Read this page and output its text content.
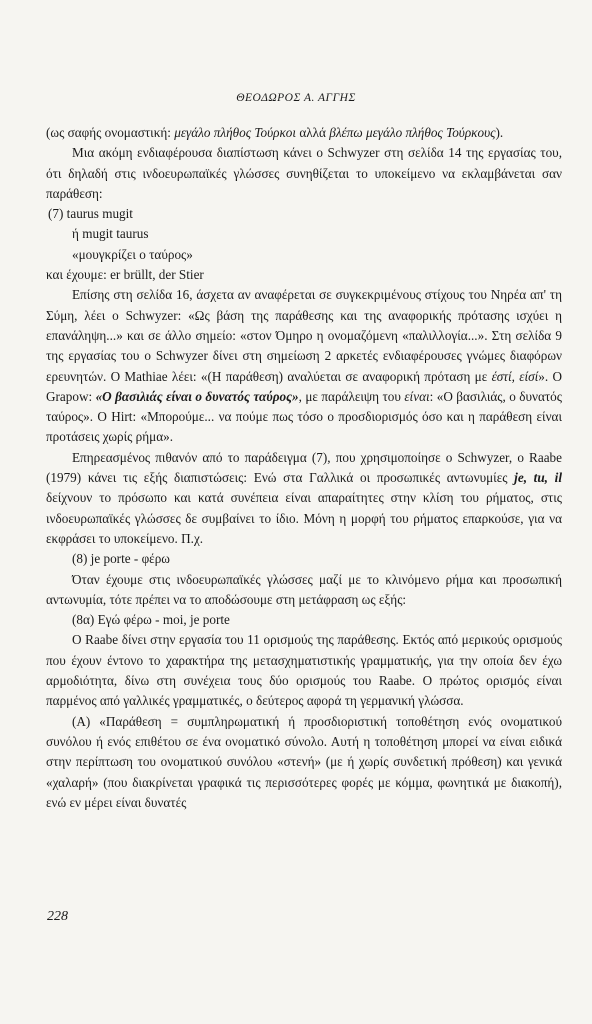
ΘΕΟΔΩΡΟΣ Α. ΑΓΓΗΣ

(ως σαφής ονομαστική: μεγάλο πλήθος Τούρκοι αλλά βλέπω μεγάλο πλήθος Τούρκους).

Μια ακόμη ενδιαφέρουσα διαπίστωση κάνει ο Schwyzer στη σελίδα 14 της εργασίας του, ότι δηλαδή στις ινδοευρωπαϊκές γλώσσες συνηθίζεται το υποκείμενο να εκλαμβάνεται σαν παράθεση:

(7) taurus mugit

ή mugit taurus

«μουγκρίζει ο ταύρος»

και έχουμε: er brüllt, der Stier

Επίσης στη σελίδα 16, άσχετα αν αναφέρεται σε συγκεκριμένους στίχους του Νηρέα απ' τη Σύμη, λέει ο Schwyzer: «Ως βάση της παράθεσης και της αναφορικής πρότασης ισχύει η επανάληψη...» και σε άλλο σημείο: «στον Όμηρο η ονομαζόμενη «παλιλλογία...». Στη σελίδα 9 της εργασίας του ο Schwyzer δίνει στη σημείωση 2 αρκετές ενδιαφέρουσες γνώμες διαφόρων ερευνητών. Ο Mathiae λέει: «(Η παράθεση) αναλύεται σε αναφορική πρόταση με έστί, είσί». Ο Grapow: «Ο βασιλιάς είναι ο δυνατός ταύρος», με παράλειψη του είναι: «Ο βασιλιάς, ο δυνατός ταύρος». Ο Hirt: «Μπορούμε... να πούμε πως τόσο ο προσδιορισμός όσο και η παράθεση είναι προτάσεις χωρίς ρήμα».

Επηρεασμένος πιθανόν από το παράδειγμα (7), που χρησιμοποίησε ο Schwyzer, ο Raabe (1979) κάνει τις εξής διαπιστώσεις: Ενώ στα Γαλλικά οι προσωπικές αντωνυμίες je, tu, il δείχνουν το πρόσωπο και κατά συνέπεια είναι απαραίτητες στην κλίση του ρήματος, στις ινδοευρωπαϊκές γλώσσες δε συμβαίνει το ίδιο. Μόνη η μορφή του ρήματος επαρκούσε, για να εκφράσει το υποκείμενο. Π.χ.

(8) je porte - φέρω

Όταν έχουμε στις ινδοευρωπαϊκές γλώσσες μαζί με το κλινόμενο ρήμα και προσωπική αντωνυμία, τότε πρέπει να το αποδώσουμε στη μετάφραση ως εξής:

(8α) Εγώ φέρω - moi, je porte

Ο Raabe δίνει στην εργασία του 11 ορισμούς της παράθεσης. Εκτός από μερικούς ορισμούς που έχουν έντονο το χαρακτήρα της μετασχηματιστικής γραμματικής, για την οποία δεν έχω αρμοδιότητα, δίνω στη συνέχεια τους δύο ορισμούς του Raabe. Ο πρώτος ορισμός είναι παρμένος από γαλλικές γραμματικές, ο δεύτερος αφορά τη γερμανική γλώσσα.

(Α) «Παράθεση = συμπληρωματική ή προσδιοριστική τοποθέτηση ενός ονοματικού συνόλου ή ενός επιθέτου σε ένα ονοματικό σύνολο. Αυτή η τοποθέτηση μπορεί να είναι ειδικά στην περίπτωση του ονοματικού συνόλου «στενή» (με ή χωρίς συνδετική πρόθεση) και γενικά «χαλαρή» (που διακρίνεται γραφικά τις περισσότερες φορές με κόμμα, φωνητικά με διακοπή), ενώ εν μέρει είναι δυνατές

228
